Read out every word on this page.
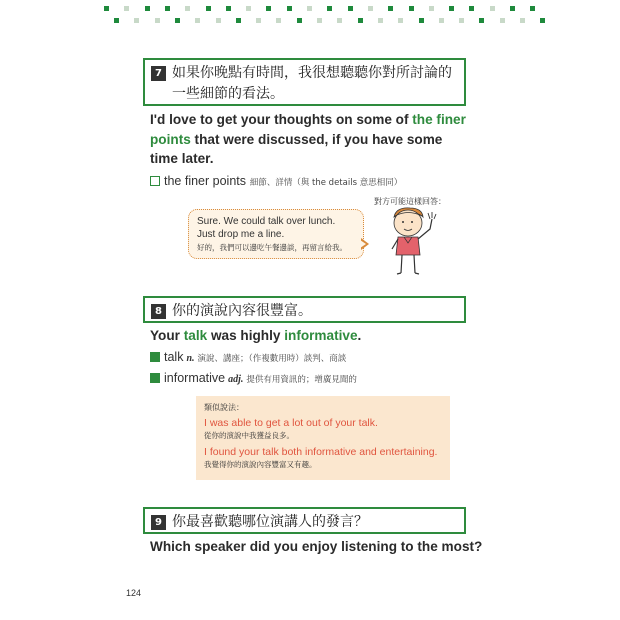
7 如果你晚點有時間，我很想聽聽你對所討論的一些細節的看法。
I'd love to get your thoughts on some of the finer points that were discussed, if you have some time later.
the finer points 細節、詳情（與 the details 意思相同）
對方可能這樣回答：
Sure. We could talk over lunch. Just drop me a line.
好的，我們可以邊吃午餐邊談，再留言給我。
8 你的演說內容很豐富。
Your talk was highly informative.
talk n. 演說、講座；（作複數用時）談判、商談
informative adj. 提供有用資訊的；增廣見聞的
類似說法：
I was able to get a lot out of your talk.
從你的演說中我獲益良多。
I found your talk both informative and entertaining.
我覺得你的演說內容豐富又有趣。
9 你最喜歡聽哪位演講人的發言？
Which speaker did you enjoy listening to the most?
124
